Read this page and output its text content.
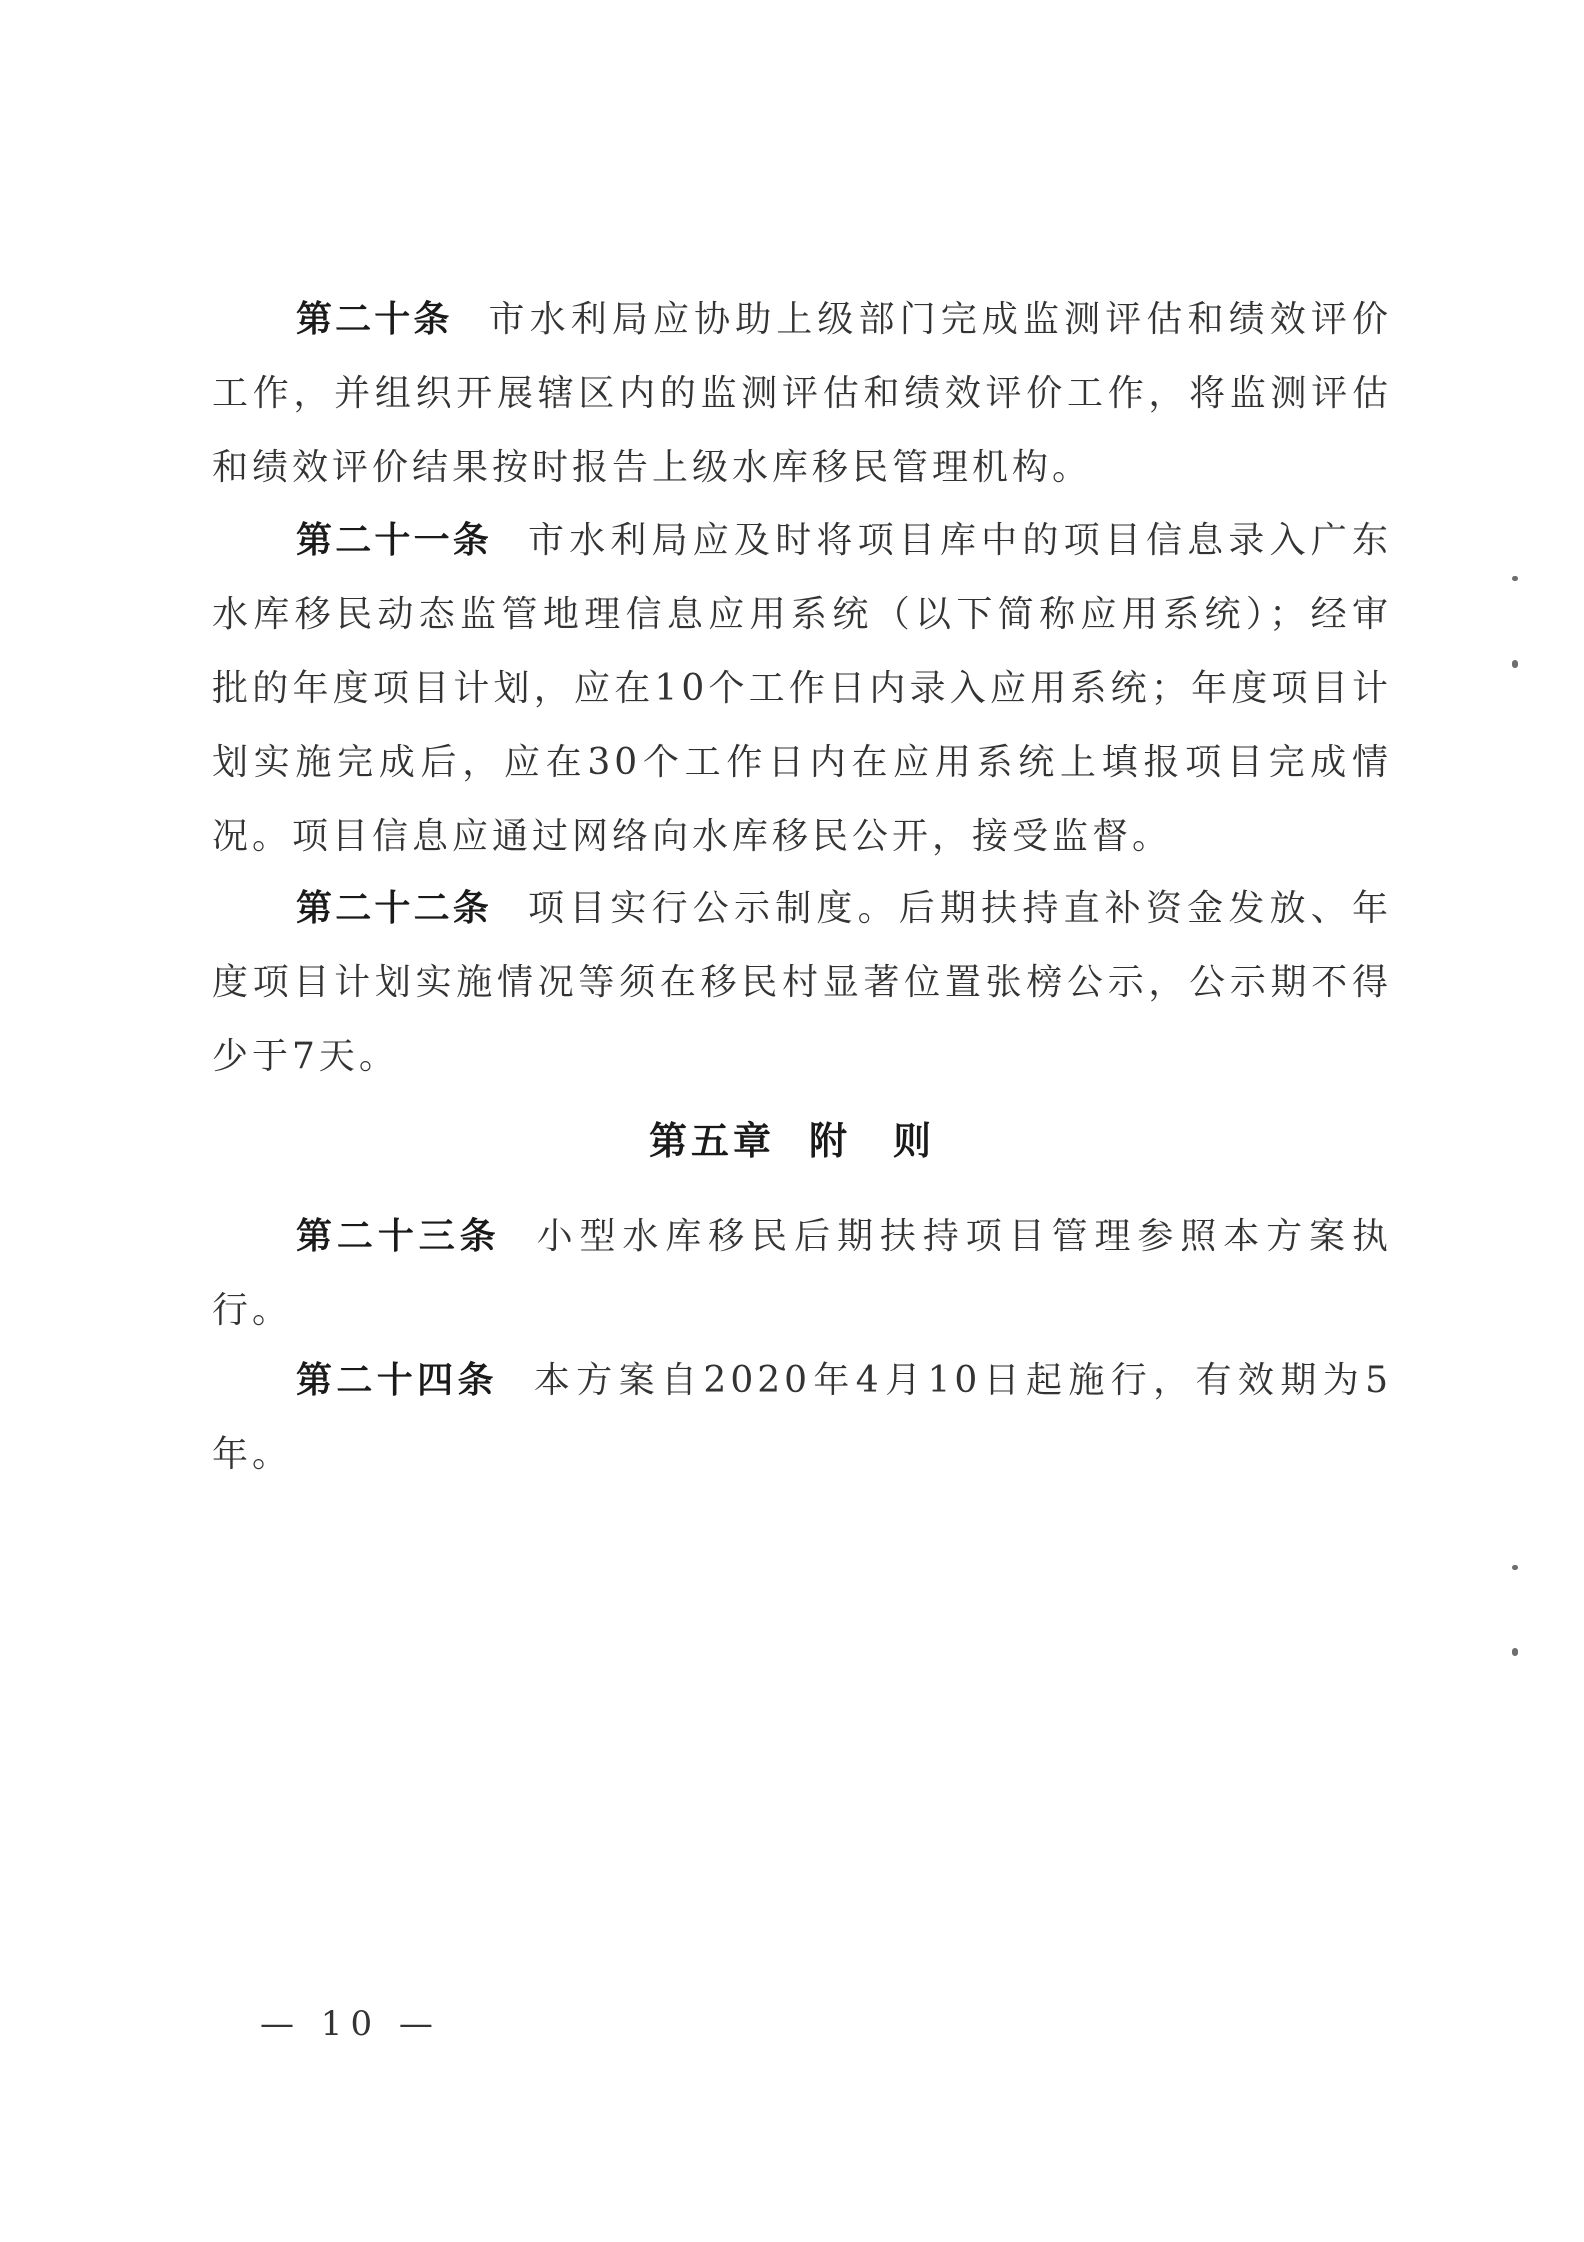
第二十条 市水利局应协助上级部门完成监测评估和绩效评价工作，并组织开展辖区内的监测评估和绩效评价工作，将监测评估和绩效评价结果按时报告上级水库移民管理机构。
第二十一条 市水利局应及时将项目库中的项目信息录入广东水库移民动态监管地理信息应用系统（以下简称应用系统）；经审批的年度项目计划，应在10个工作日内录入应用系统；年度项目计划实施完成后，应在30个工作日内在应用系统上填报项目完成情况。项目信息应通过网络向水库移民公开，接受监督。
第二十二条 项目实行公示制度。后期扶持直补资金发放、年度项目计划实施情况等须在移民村显著位置张榜公示，公示期不得少于7天。
第五章 附　则
第二十三条 小型水库移民后期扶持项目管理参照本方案执行。
第二十四条 本方案自2020年4月10日起施行，有效期为5年。
— 10 —
